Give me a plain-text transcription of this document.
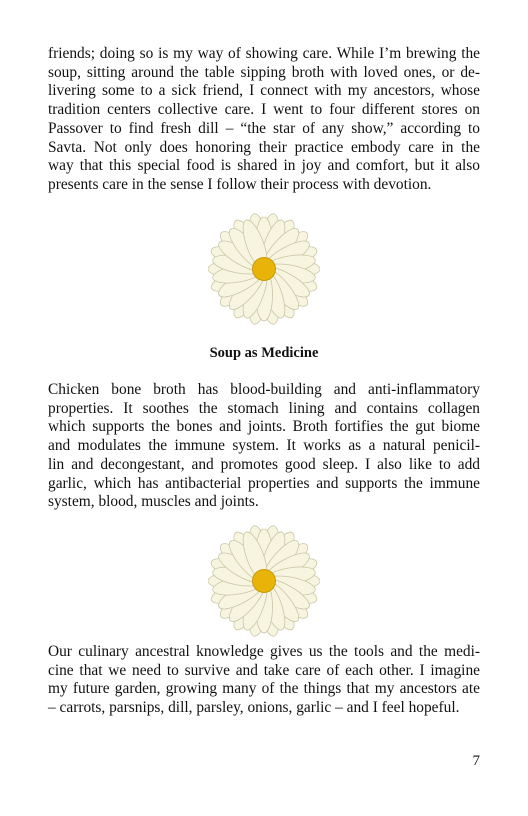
friends; doing so is my way of showing care. While I’m brewing the
soup, sitting around the table sipping broth with loved ones, or de-
livering some to a sick friend, I connect with my ancestors, whose
tradition centers collective care. I went to four different stores on
Passover to find fresh dill – “the star of any show,” according to
Savta. Not only does honoring their practice embody care in the
way that this special food is shared in joy and comfort, but it also
presents care in the sense I follow their process with devotion.
Soup as Medicine
Chicken bone broth has blood-building and anti-inflammatory
properties. It soothes the stomach lining and contains collagen
which supports the bones and joints. Broth fortifies the gut biome
and modulates the immune system. It works as a natural penicil-
lin and decongestant, and promotes good sleep. I also like to add
garlic, which has antibacterial properties and supports the immune
system, blood, muscles and joints.
Our culinary ancestral knowledge gives us the tools and the medi-
cine that we need to survive and take care of each other. I imagine
my future garden, growing many of the things that my ancestors ate
– carrots, parsnips, dill, parsley, onions, garlic – and I feel hopeful.
7
